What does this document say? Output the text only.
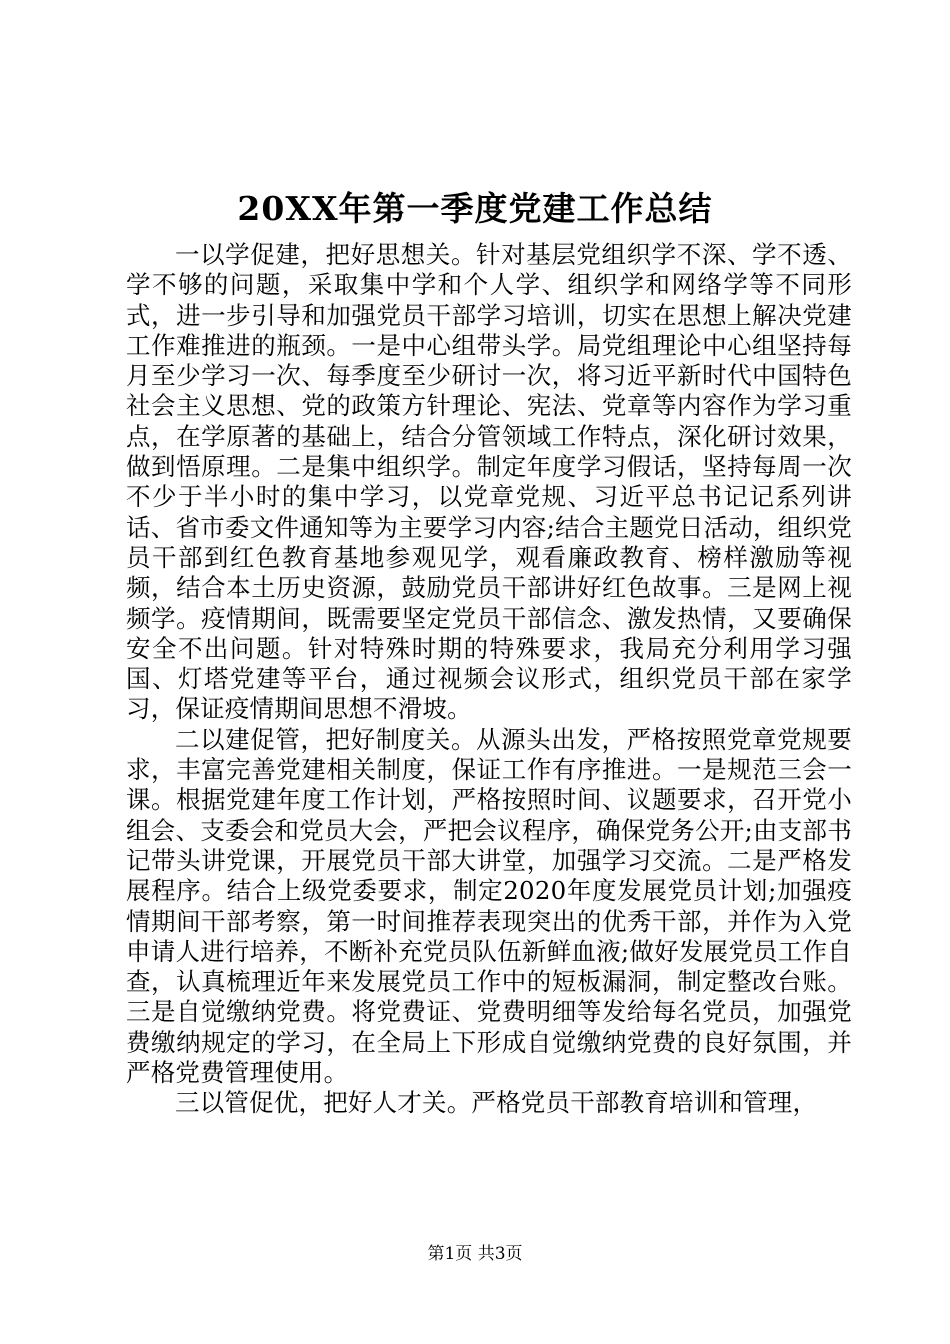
20XX年第一季度党建工作总结

一以学促建，把好思想关。针对基层党组织学不深、学不透、学不够的问题，采取集中学和个人学、组织学和网络学等不同形式，进一步引导和加强党员干部学习培训，切实在思想上解决党建工作难推进的瓶颈。一是中心组带头学。局党组理论中心组坚持每月至少学习一次、每季度至少研讨一次，将习近平新时代中国特色社会主义思想、党的政策方针理论、宪法、党章等内容作为学习重点，在学原著的基础上，结合分管领域工作特点，深化研讨效果，做到悟原理。二是集中组织学。制定年度学习假话，坚持每周一次不少于半小时的集中学习，以党章党规、习近平总书记记系列讲话、省市委文件通知等为主要学习内容;结合主题党日活动，组织党员干部到红色教育基地参观见学，观看廉政教育、榜样激励等视频，结合本土历史资源，鼓励党员干部讲好红色故事。三是网上视频学。疫情期间，既需要坚定党员干部信念、激发热情，又要确保安全不出问题。针对特殊时期的特殊要求，我局充分利用学习强国、灯塔党建等平台，通过视频会议形式，组织党员干部在家学习，保证疫情期间思想不滑坡。

二以建促管，把好制度关。从源头出发，严格按照党章党规要求，丰富完善党建相关制度，保证工作有序推进。一是规范三会一课。根据党建年度工作计划，严格按照时间、议题要求，召开党小组会、支委会和党员大会，严把会议程序，确保党务公开;由支部书记带头讲党课，开展党员干部大讲堂，加强学习交流。二是严格发展程序。结合上级党委要求，制定2020年度发展党员计划;加强疫情期间干部考察，第一时间推荐表现突出的优秀干部，并作为入党申请人进行培养，不断补充党员队伍新鲜血液;做好发展党员工作自查，认真梳理近年来发展党员工作中的短板漏洞，制定整改台账。三是自觉缴纳党费。将党费证、党费明细等发给每名党员，加强党费缴纳规定的学习，在全局上下形成自觉缴纳党费的良好氛围，并严格党费管理使用。

三以管促优，把好人才关。严格党员干部教育培训和管理，

第1页 共3页
